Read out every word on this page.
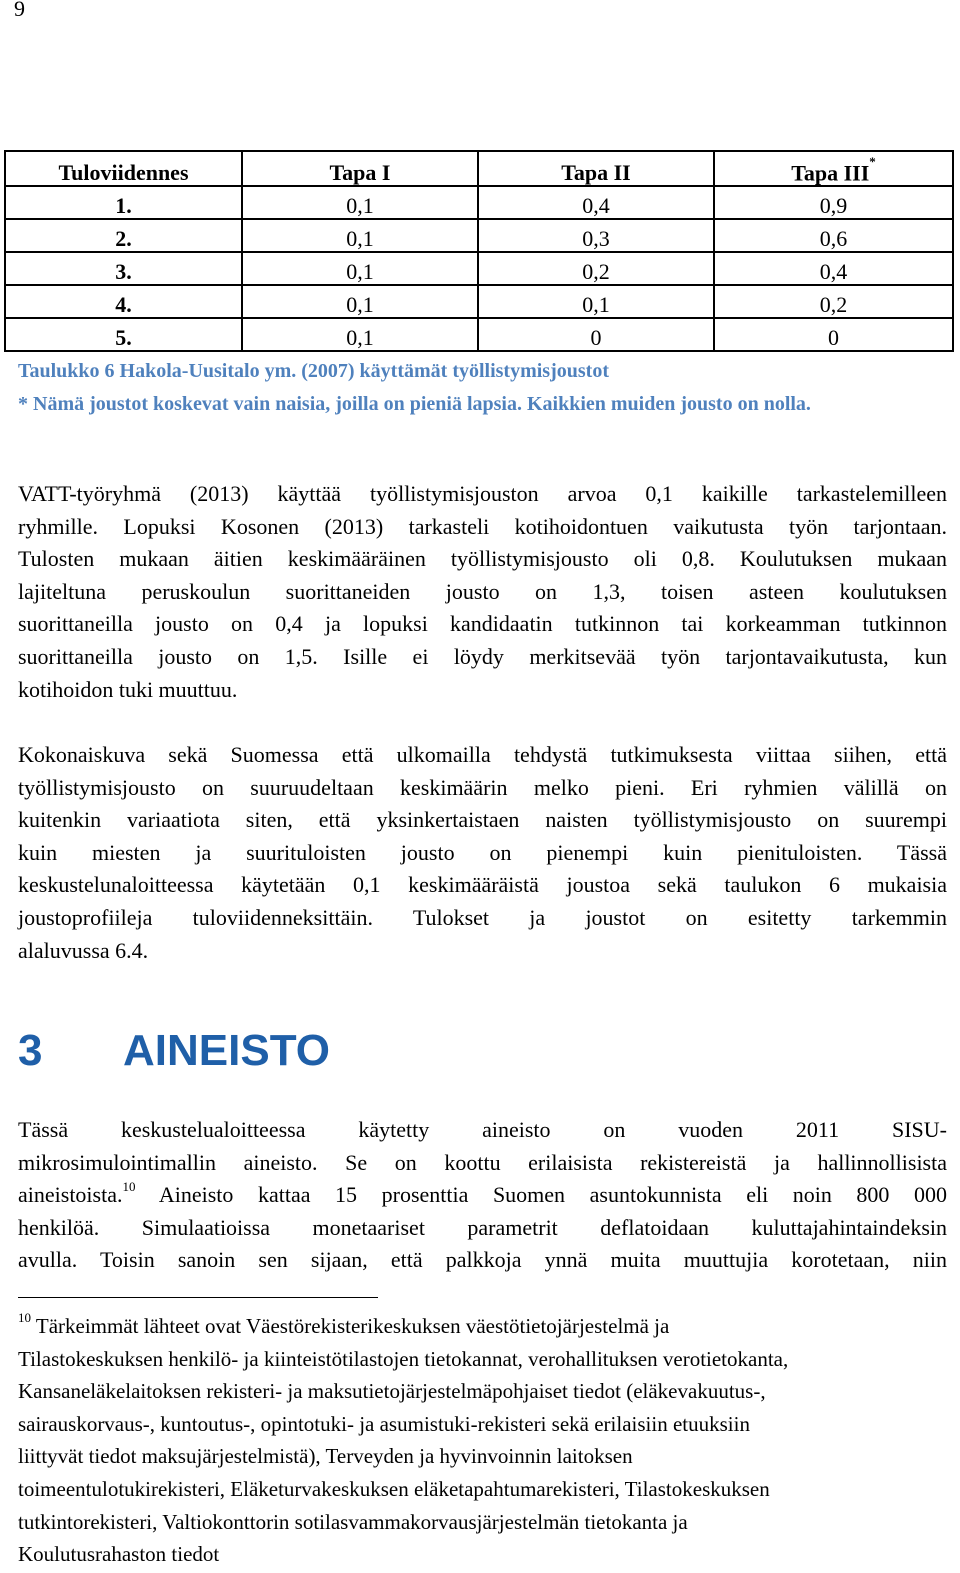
9
Tuloviidennes	Tapa I	Tapa II	Tapa III*
1.	0,1	0,4	0,9
2.	0,1	0,3	0,6
3.	0,1	0,2	0,4
4.	0,1	0,1	0,2
5.	0,1	0	0
Taulukko 6 Hakola-Uusitalo ym. (2007) käyttämät työllistymisjoustot
* Nämä joustot koskevat vain naisia, joilla on pieniä lapsia. Kaikkien muiden jousto on nolla.
VATT-työryhmä (2013) käyttää työllistymisjouston arvoa 0,1 kaikille tarkastelemilleen
ryhmille. Lopuksi Kosonen (2013) tarkasteli kotihoidontuen vaikutusta työn tarjontaan.
Tulosten mukaan äitien keskimääräinen työllistymisjousto oli 0,8. Koulutuksen mukaan
lajiteltuna peruskoulun suorittaneiden jousto on 1,3, toisen asteen koulutuksen
suorittaneilla jousto on 0,4 ja lopuksi kandidaatin tutkinnon tai korkeamman tutkinnon
suorittaneilla jousto on 1,5. Isille ei löydy merkitsevää työn tarjontavaikutusta, kun
kotihoidon tuki muuttuu.
Kokonaiskuva sekä Suomessa että ulkomailla tehdystä tutkimuksesta viittaa siihen, että
työllistymisjousto on suuruudeltaan keskimäärin melko pieni. Eri ryhmien välillä on
kuitenkin variaatiota siten, että yksinkertaistaen naisten työllistymisjousto on suurempi
kuin miesten ja suurituloisten jousto on pienempi kuin pienituloisten. Tässä
keskustelunaloitteessa käytetään 0,1 keskimääräistä joustoa sekä taulukon 6 mukaisia
joustoprofiileja tuloviidenneksittäin. Tulokset ja joustot on esitetty tarkemmin
alaluvussa 6.4.
3 AINEISTO
Tässä keskustelualoitteessa käytetty aineisto on vuoden 2011 SISU-
mikrosimulointimallin aineisto. Se on koottu erilaisista rekistereistä ja hallinnollisista
aineistoista.$^{10}$ Aineisto kattaa 15 prosenttia Suomen asuntokunnista eli noin 800 000
henkilöä. Simulaatioissa monetaariset parametrit deflatoidaan kuluttajahintaindeksin
avulla. Toisin sanoin sen sijaan, että palkkoja ynnä muita muuttujia korotetaan, niin
$^{10}$ Tärkeimmät lähteet ovat Väestörekisterikeskuksen väestötietojärjestelmä ja
Tilastokeskuksen henkilö- ja kiinteistötilastojen tietokannat, verohallituksen verotietokanta,
Kansaneläkelaitoksen rekisteri- ja maksutietojärjestelmäpohjaiset tiedot (eläkevakuutus-,
sairauskorvaus-, kuntoutus-, opintotuki- ja asumistuki-rekisteri sekä erilaisiin etuuksiin
liittyvät tiedot maksujärjestelmistä), Terveyden ja hyvinvoinnin laitoksen
toimeentulotukirekisteri, Eläketurvakeskuksen eläketapahtumarekisteri, Tilastokeskuksen
tutkintorekisteri, Valtiokonttorin sotilasvammakorvausjärjestelmän tietokanta ja
Koulutusrahaston tiedot
